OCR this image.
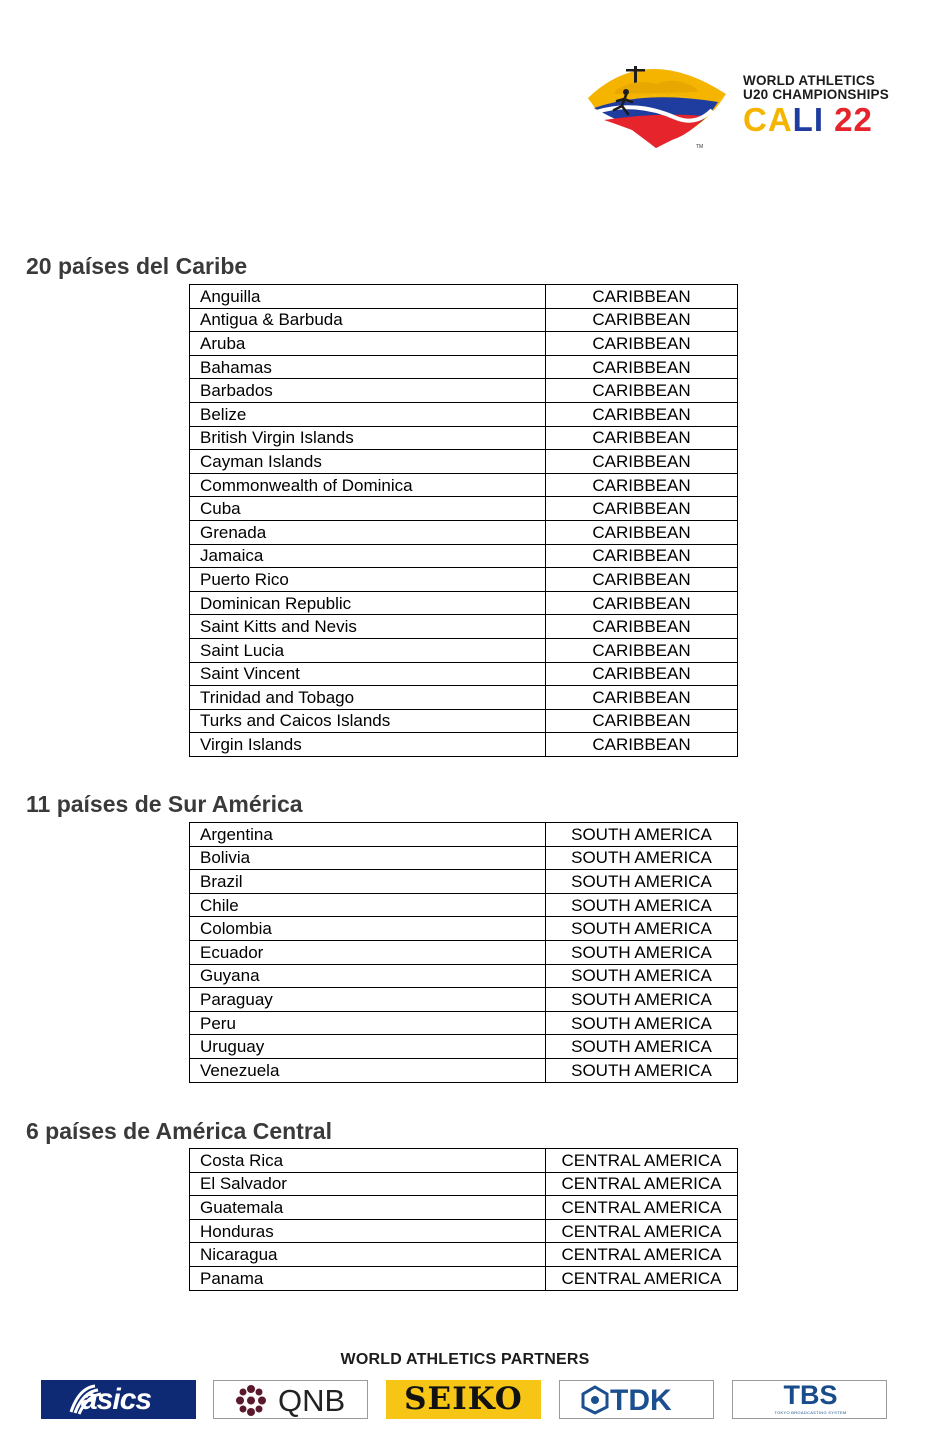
WORLD ATHLETICS
U20 CHAMPIONSHIPS
CALI 22
TM
20 países del Caribe
Anguilla	CARIBBEAN
Antigua & Barbuda	CARIBBEAN
Aruba	CARIBBEAN
Bahamas	CARIBBEAN
Barbados	CARIBBEAN
Belize	CARIBBEAN
British Virgin Islands	CARIBBEAN
Cayman Islands	CARIBBEAN
Commonwealth of Dominica	CARIBBEAN
Cuba	CARIBBEAN
Grenada	CARIBBEAN
Jamaica	CARIBBEAN
Puerto Rico	CARIBBEAN
Dominican Republic	CARIBBEAN
Saint Kitts and Nevis	CARIBBEAN
Saint Lucia	CARIBBEAN
Saint Vincent	CARIBBEAN
Trinidad and Tobago	CARIBBEAN
Turks and Caicos Islands	CARIBBEAN
Virgin Islands	CARIBBEAN
11 países de Sur América
Argentina	SOUTH AMERICA
Bolivia	SOUTH AMERICA
Brazil	SOUTH AMERICA
Chile	SOUTH AMERICA
Colombia	SOUTH AMERICA
Ecuador	SOUTH AMERICA
Guyana	SOUTH AMERICA
Paraguay	SOUTH AMERICA
Peru	SOUTH AMERICA
Uruguay	SOUTH AMERICA
Venezuela	SOUTH AMERICA
6 países de América Central
Costa Rica	CENTRAL AMERICA
El Salvador	CENTRAL AMERICA
Guatemala	CENTRAL AMERICA
Honduras	CENTRAL AMERICA
Nicaragua	CENTRAL AMERICA
Panama	CENTRAL AMERICA
WORLD ATHLETICS PARTNERS
asics	QNB	SEIKO	TDK	TBS
TOKYO BROADCASTING SYSTEM
